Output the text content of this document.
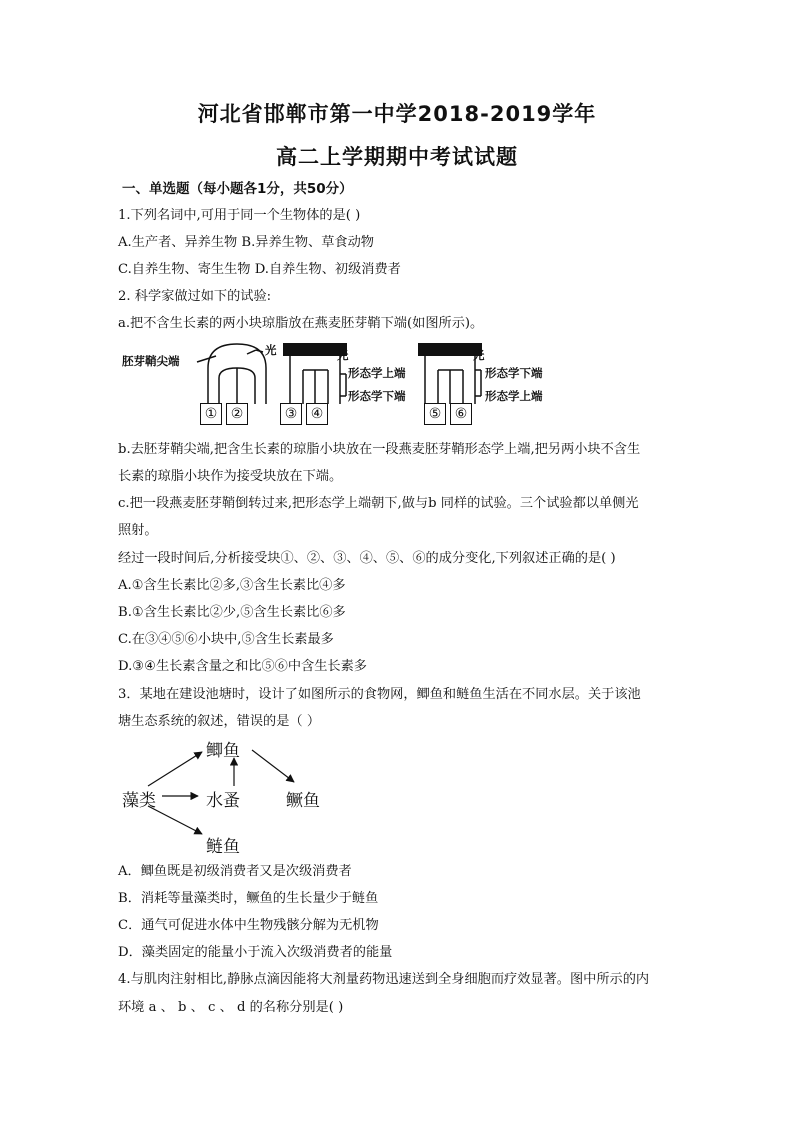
河北省邯郸市第一中学2018-2019学年
高二上学期期中考试试题
一、单选题（每小题各1分，共50分）
1.下列名词中,可用于同一个生物体的是( )
A.生产者、异养生物 B.异养生物、草食动物
C.自养生物、寄生生物 D.自养生物、初级消费者
2. 科学家做过如下的试验:
a.把不含生长素的两小块琼脂放在燕麦胚芽鞘下端(如图所示)。
胚芽鞘尖端
光	光
形态学上端
形态学下端
光
形态学下端
形态学上端
① ②	③ ④	⑤ ⑥
b.去胚芽鞘尖端,把含生长素的琼脂小块放在一段燕麦胚芽鞘形态学上端,把另两小块不含生
长素的琼脂小块作为接受块放在下端。
c.把一段燕麦胚芽鞘倒转过来,把形态学上端朝下,做与b 同样的试验。三个试验都以单侧光
照射。
经过一段时间后,分析接受块①、②、③、④、⑤、⑥的成分变化,下列叙述正确的是( )
A.①含生长素比②多,③含生长素比④多
B.①含生长素比②少,⑤含生长素比⑥多
C.在③④⑤⑥小块中,⑤含生长素最多
D.③④生长素含量之和比⑤⑥中含生长素多
3．某地在建设池塘时，设计了如图所示的食物网，鲫鱼和鲢鱼生活在不同水层。关于该池
塘生态系统的叙述，错误的是（ ）
鲫鱼
藻类	水蚤	鳜鱼
鲢鱼
A．鲫鱼既是初级消费者又是次级消费者
B．消耗等量藻类时，鳜鱼的生长量少于鲢鱼
C．通气可促进水体中生物残骸分解为无机物
D．藻类固定的能量小于流入次级消费者的能量
4.与肌肉注射相比,静脉点滴因能将大剂量药物迅速送到全身细胞而疗效显著。图中所示的内
环境 a 、 b 、 c 、 d 的名称分别是( )
